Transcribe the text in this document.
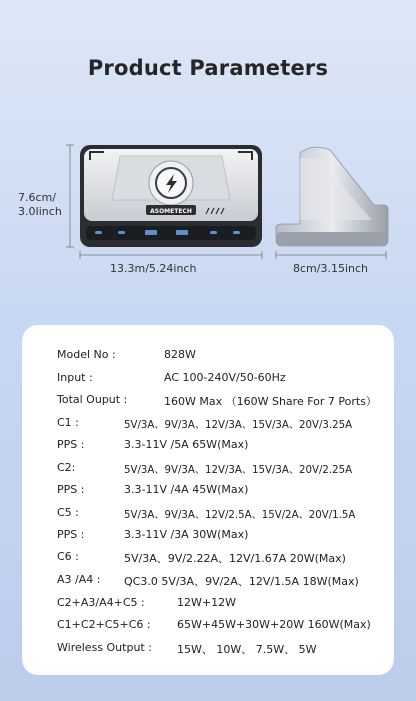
Product Parameters
ASOMETECH
7.6cm/
3.0Iinch
13.3m/5.24inch	8cm/3.15inch
Model No :	828W
Input :	AC 100-240V/50-60Hz
Total Ouput :	160W Max （160W Share For 7 Ports）
C1 :	5V/3A、9V/3A、12V/3A、15V/3A、20V/3.25A
PPS :	3.3-11V /5A 65W(Max)
C2:	5V/3A、9V/3A、12V/3A、15V/3A、20V/2.25A
PPS :	3.3-11V /4A 45W(Max)
C5 :	5V/3A、9V/3A、12V/2.5A、15V/2A、20V/1.5A
PPS :	3.3-11V /3A 30W(Max)
C6 :	5V/3A、9V/2.22A、12V/1.67A 20W(Max)
A3 /A4 : QC3.0 5V/3A、9V/2A、12V/1.5A 18W(Max)
C2+A3/A4+C5 :	12W+12W
C1+C2+C5+C6 : 65W+45W+30W+20W 160W(Max)
Wireless Output : 15W、 10W、 7.5W、 5W
